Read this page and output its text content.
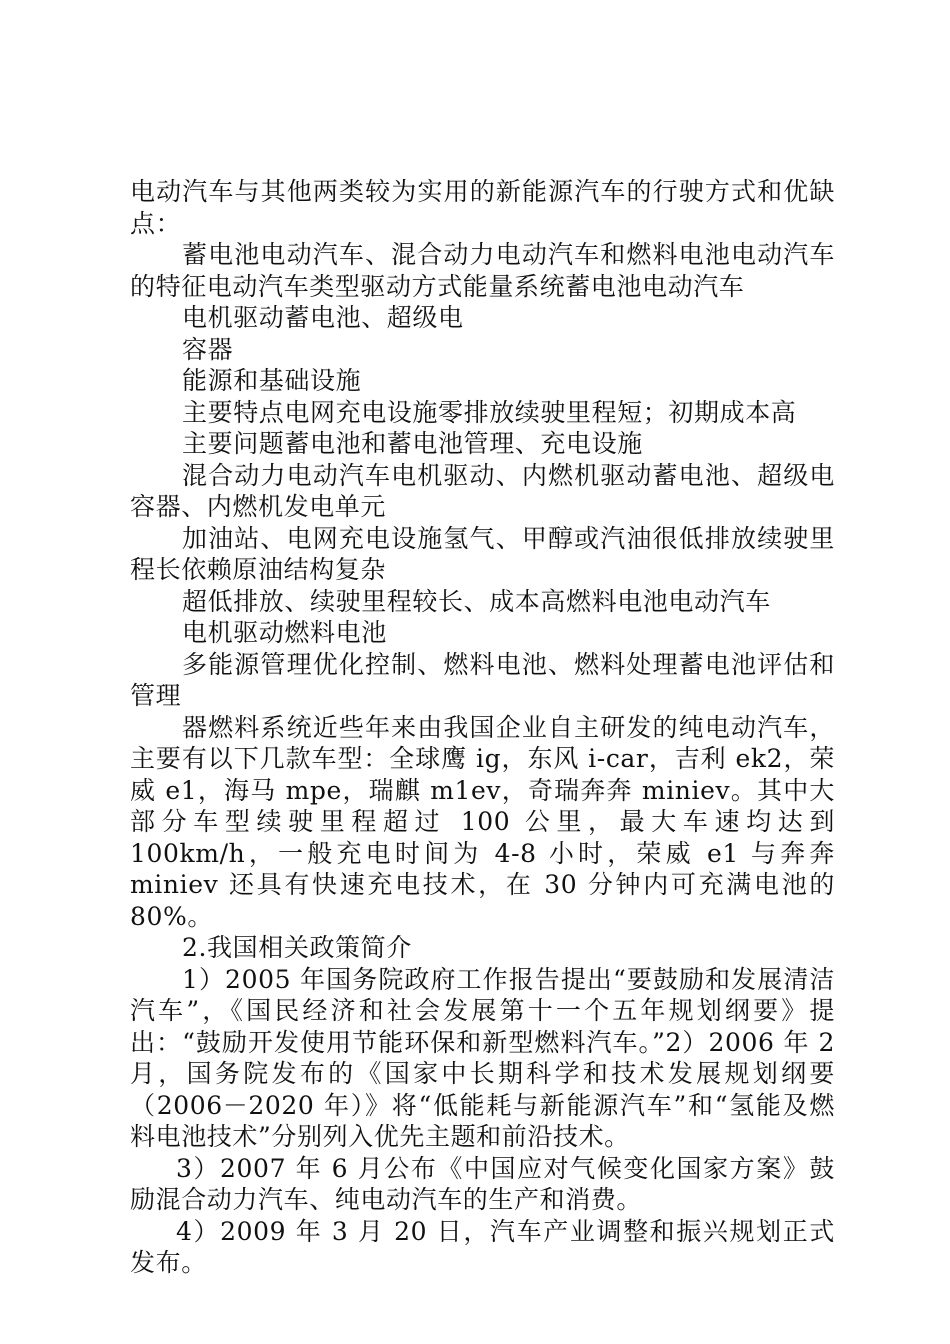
电动汽车与其他两类较为实用的新能源汽车的行驶方式和优缺点：

蓄电池电动汽车、混合动力电动汽车和燃料电池电动汽车的特征电动汽车类型驱动方式能量系统蓄电池电动汽车

电机驱动蓄电池、超级电

容器

能源和基础设施

主要特点电网充电设施零排放续驶里程短；初期成本高

主要问题蓄电池和蓄电池管理、充电设施

混合动力电动汽车电机驱动、内燃机驱动蓄电池、超级电容器、内燃机发电单元

加油站、电网充电设施氢气、甲醇或汽油很低排放续驶里程长依赖原油结构复杂

超低排放、续驶里程较长、成本高燃料电池电动汽车

电机驱动燃料电池

多能源管理优化控制、燃料电池、燃料处理蓄电池评估和管理

器燃料系统近些年来由我国企业自主研发的纯电动汽车，主要有以下几款车型：全球鹰 ig，东风 i-car，吉利 ek2，荣威 e1，海马 mpe，瑞麒 m1ev，奇瑞奔奔 miniev。其中大部分车型续驶里程超过 100 公里，最大车速均达到 100km/h，一般充电时间为 4-8 小时，荣威 e1 与奔奔 miniev 还具有快速充电技术，在 30 分钟内可充满电池的 80%。

2.我国相关政策简介

1）2005 年国务院政府工作报告提出“要鼓励和发展清洁汽车”，《国民经济和社会发展第十一个五年规划纲要》提出：“鼓励开发使用节能环保和新型燃料汽车。”2）2006 年 2 月，国务院发布的《国家中长期科学和技术发展规划纲要（2006－2020 年）》将“低能耗与新能源汽车”和“氢能及燃料电池技术”分别列入优先主题和前沿技术。

3）2007 年 6 月公布《中国应对气候变化国家方案》鼓励混合动力汽车、纯电动汽车的生产和消费。

4）2009 年 3 月 20 日，汽车产业调整和振兴规划正式发布。
